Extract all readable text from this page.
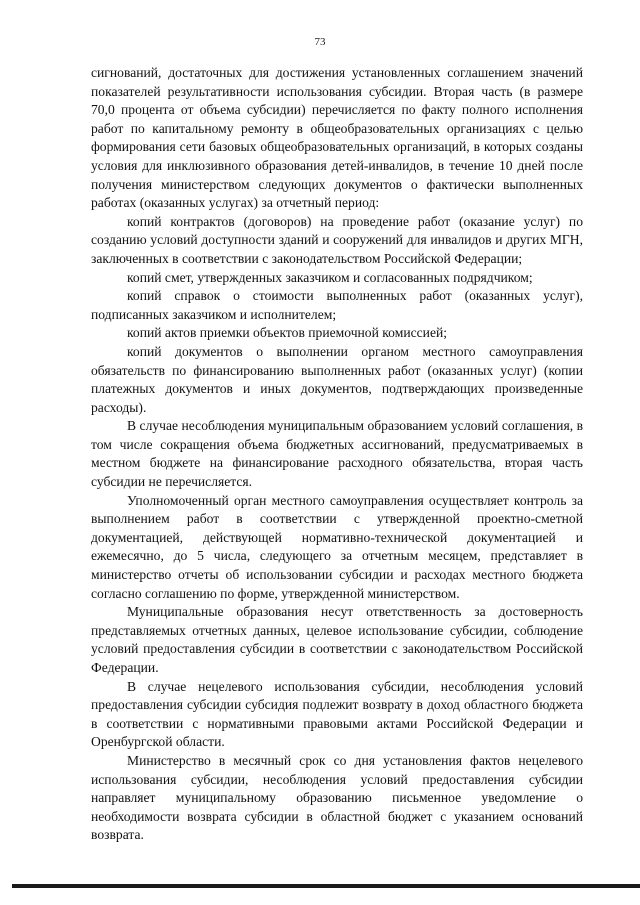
73

сигнований, достаточных для достижения установленных соглашением значений показателей результативности использования субсидии. Вторая часть (в размере 70,0 процента от объема субсидии) перечисляется по факту полного исполнения работ по капитальному ремонту в общеобразовательных организациях с целью формирования сети базовых общеобразовательных организаций, в которых созданы условия для инклюзивного образования детей-инвалидов, в течение 10 дней после получения министерством следующих документов о фактически выполненных работах (оказанных услугах) за отчетный период:

копий контрактов (договоров) на проведение работ (оказание услуг) по созданию условий доступности зданий и сооружений для инвалидов и других МГН, заключенных в соответствии с законодательством Российской Федерации;

копий смет, утвержденных заказчиком и согласованных подрядчиком;

копий справок о стоимости выполненных работ (оказанных услуг), подписанных заказчиком и исполнителем;

копий актов приемки объектов приемочной комиссией;

копий документов о выполнении органом местного самоуправления обязательств по финансированию выполненных работ (оказанных услуг) (копии платежных документов и иных документов, подтверждающих произведенные расходы).

В случае несоблюдения муниципальным образованием условий соглашения, в том числе сокращения объема бюджетных ассигнований, предусматриваемых в местном бюджете на финансирование расходного обязательства, вторая часть субсидии не перечисляется.

Уполномоченный орган местного самоуправления осуществляет контроль за выполнением работ в соответствии с утвержденной проектно-сметной документацией, действующей нормативно-технической документацией и ежемесячно, до 5 числа, следующего за отчетным месяцем, представляет в министерство отчеты об использовании субсидии и расходах местного бюджета согласно соглашению по форме, утвержденной министерством.

Муниципальные образования несут ответственность за достоверность представляемых отчетных данных, целевое использование субсидии, соблюдение условий предоставления субсидии в соответствии с законодательством Российской Федерации.

В случае нецелевого использования субсидии, несоблюдения условий предоставления субсидии субсидия подлежит возврату в доход областного бюджета в соответствии с нормативными правовыми актами Российской Федерации и Оренбургской области.

Министерство в месячный срок со дня установления фактов нецелевого использования субсидии, несоблюдения условий предоставления субсидии направляет муниципальному образованию письменное уведомление о необходимости возврата субсидии в областной бюджет с указанием оснований возврата.
